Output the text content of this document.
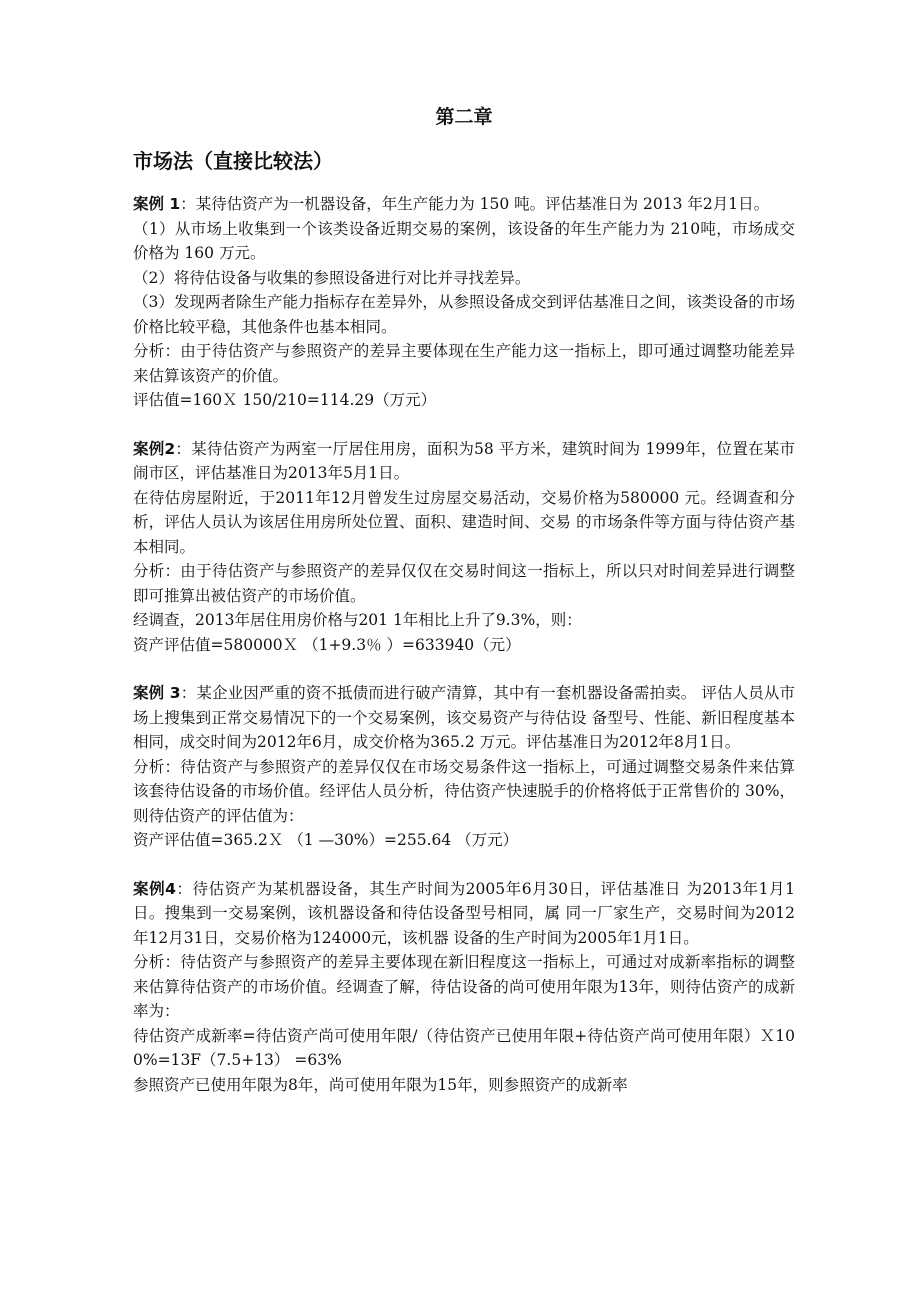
第二章
市场法（直接比较法）

案例 1：某待估资产为一机器设备，年生产能力为 150 吨。评估基准日为 2013 年2月1日。

（1）从市场上收集到一个该类设备近期交易的案例，该设备的年生产能力为 210吨，市场成交价格为 160 万元。

（2）将待估设备与收集的参照设备进行对比并寻找差异。

（3）发现两者除生产能力指标存在差异外，从参照设备成交到评估基准日之间，该类设备的市场价格比较平稳，其他条件也基本相同。

分析：由于待估资产与参照资产的差异主要体现在生产能力这一指标上，即可通过调整功能差异来估算该资产的价值。

评估值=160Ｘ 150/210=114.29（万元）

案例2：某待估资产为两室一厅居住用房，面积为58 平方米，建筑时间为 1999年，位置在某市闹市区，评估基准日为2013年5月1日。

在待估房屋附近，于2011年12月曾发生过房屋交易活动，交易价格为580000 元。经调查和分析，评估人员认为该居住用房所处位置、面积、建造时间、交易 的市场条件等方面与待估资产基本相同。

分析：由于待估资产与参照资产的差异仅仅在交易时间这一指标上，所以只对时间差异进行调整即可推算出被估资产的市场价值。

经调查，2013年居住用房价格与201 1年相比上升了9.3%，则：

资产评估值=580000Ｘ （1+9.3％ ）=633940（元）

案例 3：某企业因严重的资不抵债而进行破产清算，其中有一套机器设备需拍卖。 评估人员从市场上搜集到正常交易情况下的一个交易案例，该交易资产与待估设 备型号、性能、新旧程度基本相同，成交时间为2012年6月，成交价格为365.2 万元。评估基准日为2012年8月1日。

分析：待估资产与参照资产的差异仅仅在市场交易条件这一指标上，可通过调整交易条件来估算该套待估设备的市场价值。经评估人员分析，待估资产快速脱手的价格将低于正常售价的 30%，则待估资产的评估值为：

资产评估值=365.2Ｘ （1 —30%）=255.64 （万元）

案例4：待估资产为某机器设备，其生产时间为2005年6月30日，评估基准日 为2013年1月1日。搜集到一交易案例，该机器设备和待估设备型号相同，属 同一厂家生产，交易时间为2012年12月31日，交易价格为124000元，该机器 设备的生产时间为2005年1月1日。

分析：待估资产与参照资产的差异主要体现在新旧程度这一指标上，可通过对成新率指标的调整来估算待估资产的市场价值。经调查了解，待估设备的尚可使用年限为13年，则待估资产的成新率为：

待估资产成新率=待估资产尚可使用年限/（待估资产已使用年限+待估资产尚可使用年限）Ｘ100%=13F（7.5+13） =63%

参照资产已使用年限为8年，尚可使用年限为15年，则参照资产的成新率
